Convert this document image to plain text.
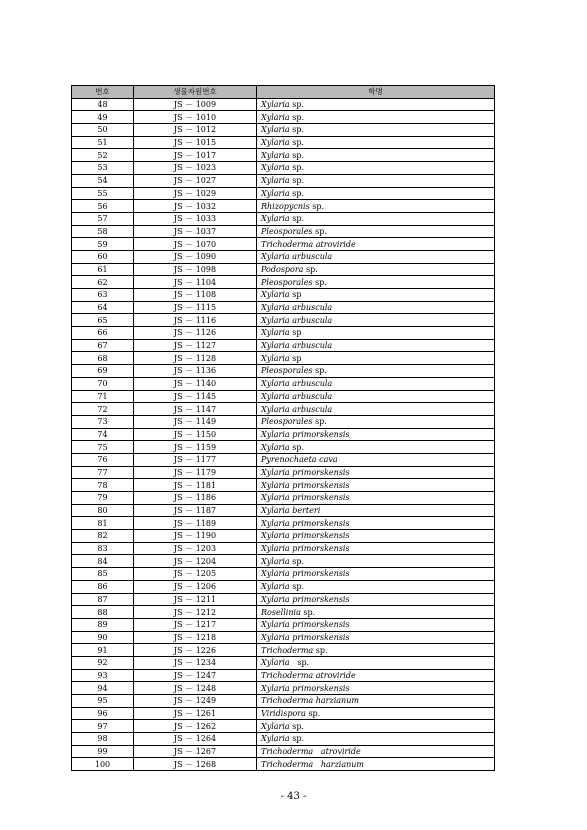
번호	생물자원번호	학명
48	JS － 1009	Xylaria sp.
49	JS － 1010	Xylaria sp.
50	JS － 1012	Xylaria sp.
51	JS － 1015	Xylaria sp.
52	JS － 1017	Xylaria sp.
53	JS － 1023	Xylaria sp.
54	JS － 1027	Xylaria sp.
55	JS － 1029	Xylaria sp.
56	JS － 1032	Rhizopycnis sp.
57	JS － 1033	Xylaria sp.
58	JS － 1037	Pleosporales sp.
59	JS － 1070	Trichoderma atroviride
60	JS － 1090	Xylaria arbuscula
61	JS － 1098	Podospora sp.
62	JS － 1104	Pleosporales sp.
63	JS － 1108	Xylaria sp
64	JS － 1115	Xylaria arbuscula
65	JS － 1116	Xylaria arbuscula
66	JS － 1126	Xylaria sp
67	JS － 1127	Xylaria arbuscula
68	JS － 1128	Xylaria sp
69	JS － 1136	Pleosporales sp.
70	JS － 1140	Xylaria arbuscula
71	JS － 1145	Xylaria arbuscula
72	JS － 1147	Xylaria arbuscula
73	JS － 1149	Pleosporales sp.
74	JS － 1150	Xylaria primorskensis
75	JS － 1159	Xylaria sp.
76	JS － 1177	Pyrenochaeta cava
77	JS － 1179	Xylaria primorskensis
78	JS － 1181	Xylaria primorskensis
79	JS － 1186	Xylaria primorskensis
80	JS － 1187	Xylaria berteri
81	JS － 1189	Xylaria primorskensis
82	JS － 1190	Xylaria primorskensis
83	JS － 1203	Xylaria primorskensis
84	JS － 1204	Xylaria sp.
85	JS － 1205	Xylaria primorskensis
86	JS － 1206	Xylaria sp.
87	JS － 1211	Xylaria primorskensis
88	JS － 1212	Rosellinia sp.
89	JS － 1217	Xylaria primorskensis
90	JS － 1218	Xylaria primorskensis
91	JS － 1226	Trichoderma sp.
92	JS － 1234	Xylaria   sp.
93	JS － 1247	Trichoderma atroviride
94	JS － 1248	Xylaria primorskensis
95	JS － 1249	Trichoderma harzianum
96	JS － 1261	Viridispora sp.
97	JS － 1262	Xylaria sp.
98	JS － 1264	Xylaria sp.
99	JS － 1267	Trichoderma   atroviride
100	JS － 1268	Trichoderma   harzianum
- 43 -
